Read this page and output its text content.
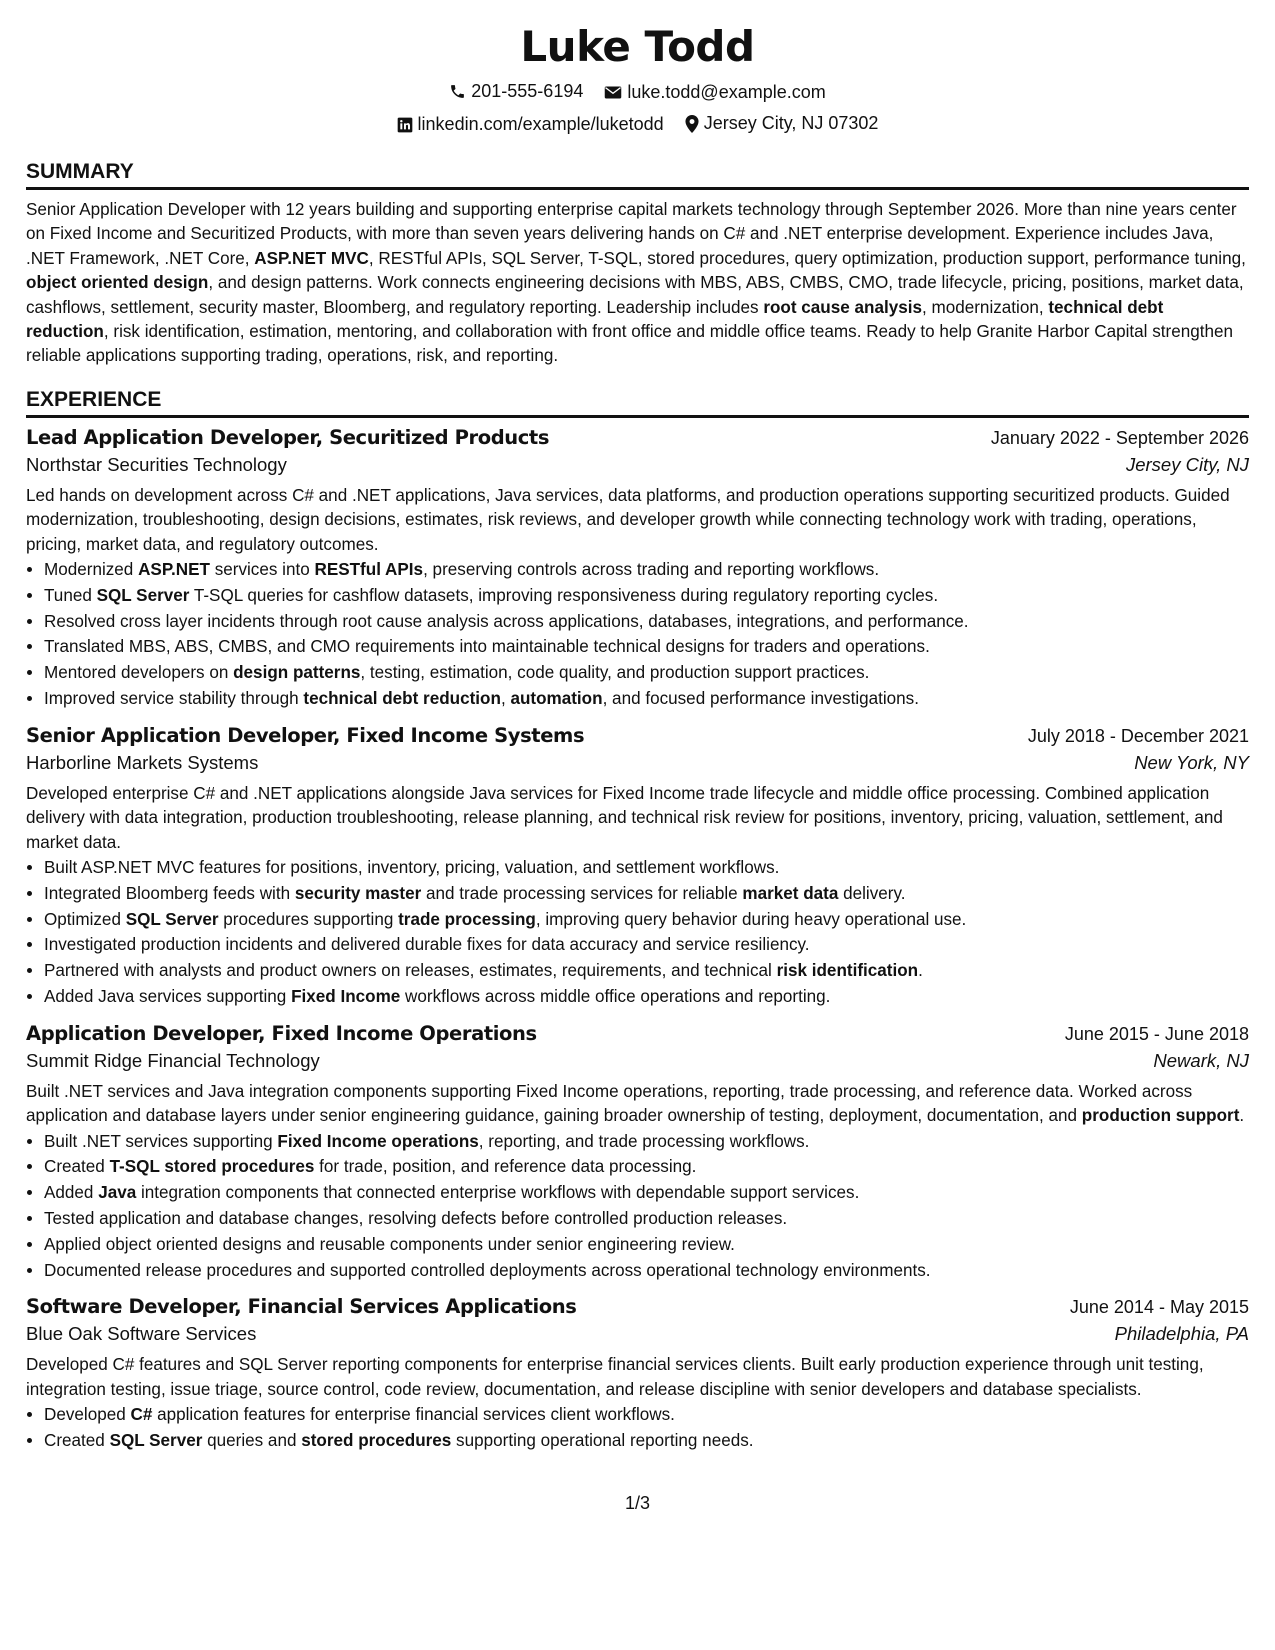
Luke Todd
201-555-6194
luke.todd@example.com
linkedin.com/example/luketodd
Jersey City, NJ 07302
SUMMARY

Senior Application Developer with 12 years building and supporting enterprise capital markets technology through September 2026. More than nine years center on Fixed Income and Securitized Products, with more than seven years delivering hands on C# and .NET enterprise development. Experience includes Java, .NET Framework, .NET Core, ASP.NET MVC, RESTful APIs, SQL Server, T-SQL, stored procedures, query optimization, production support, performance tuning, object oriented design, and design patterns. Work connects engineering decisions with MBS, ABS, CMBS, CMO, trade lifecycle, pricing, positions, market data, cashflows, settlement, security master, Bloomberg, and regulatory reporting. Leadership includes root cause analysis, modernization, technical debt reduction, risk identification, estimation, mentoring, and collaboration with front office and middle office teams. Ready to help Granite Harbor Capital strengthen reliable applications supporting trading, operations, risk, and reporting.

EXPERIENCE
Lead Application Developer, Securitized Products	January 2022 - September 2026
Northstar Securities Technology	Jersey City, NJ

Led hands on development across C# and .NET applications, Java services, data platforms, and production operations supporting securitized products. Guided modernization, troubleshooting, design decisions, estimates, risk reviews, and developer growth while connecting technology work with trading, operations, pricing, market data, and regulatory outcomes.

• Modernized ASP.NET services into RESTful APIs, preserving controls across trading and reporting workflows.
• Tuned SQL Server T-SQL queries for cashflow datasets, improving responsiveness during regulatory reporting cycles.
• Resolved cross layer incidents through root cause analysis across applications, databases, integrations, and performance.
• Translated MBS, ABS, CMBS, and CMO requirements into maintainable technical designs for traders and operations.
• Mentored developers on design patterns, testing, estimation, code quality, and production support practices.
• Improved service stability through technical debt reduction, automation, and focused performance investigations.
Senior Application Developer, Fixed Income Systems	July 2018 - December 2021
Harborline Markets Systems	New York, NY

Developed enterprise C# and .NET applications alongside Java services for Fixed Income trade lifecycle and middle office processing. Combined application delivery with data integration, production troubleshooting, release planning, and technical risk review for positions, inventory, pricing, valuation, settlement, and market data.

• Built ASP.NET MVC features for positions, inventory, pricing, valuation, and settlement workflows.
• Integrated Bloomberg feeds with security master and trade processing services for reliable market data delivery.
• Optimized SQL Server procedures supporting trade processing, improving query behavior during heavy operational use.
• Investigated production incidents and delivered durable fixes for data accuracy and service resiliency.
• Partnered with analysts and product owners on releases, estimates, requirements, and technical risk identification.
• Added Java services supporting Fixed Income workflows across middle office operations and reporting.
Application Developer, Fixed Income Operations	June 2015 - June 2018
Summit Ridge Financial Technology	Newark, NJ

Built .NET services and Java integration components supporting Fixed Income operations, reporting, trade processing, and reference data. Worked across application and database layers under senior engineering guidance, gaining broader ownership of testing, deployment, documentation, and production support.

• Built .NET services supporting Fixed Income operations, reporting, and trade processing workflows.
• Created T-SQL stored procedures for trade, position, and reference data processing.
• Added Java integration components that connected enterprise workflows with dependable support services.
• Tested application and database changes, resolving defects before controlled production releases.
• Applied object oriented designs and reusable components under senior engineering review.
• Documented release procedures and supported controlled deployments across operational technology environments.
Software Developer, Financial Services Applications	June 2014 - May 2015
Blue Oak Software Services	Philadelphia, PA

Developed C# features and SQL Server reporting components for enterprise financial services clients. Built early production experience through unit testing, integration testing, issue triage, source control, code review, documentation, and release discipline with senior developers and database specialists.

• Developed C# application features for enterprise financial services client workflows.
• Created SQL Server queries and stored procedures supporting operational reporting needs.
1/3
